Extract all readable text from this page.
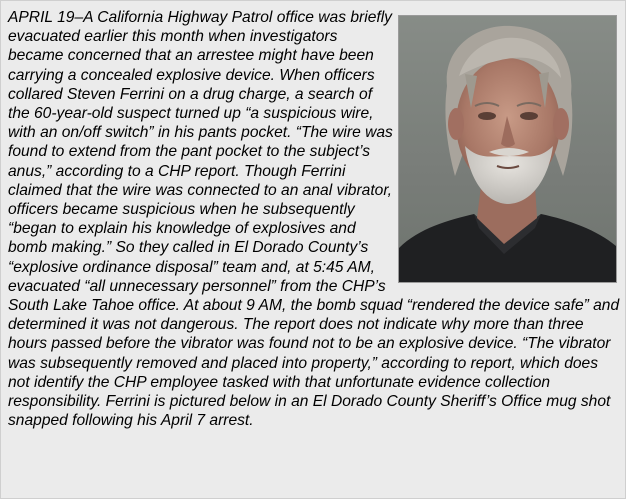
APRIL 19–A California Highway Patrol office was briefly evacuated earlier this month when investigators became concerned that an arrestee might have been carrying a concealed explosive device. When officers collared Steven Ferrini on a drug charge, a search of the 60-year-old suspect turned up “a suspicious wire, with an on/off switch” in his pants pocket. “The wire was found to extend from the pant pocket to the subject’s anus,” according to a CHP report. Though Ferrini claimed that the wire was connected to an anal vibrator, officers became suspicious when he subsequently “began to explain his knowledge of explosives and bomb making.” So they called in El Dorado County’s “explosive ordinance disposal” team and, at 5:45 AM, evacuated “all unnecessary personnel” from the CHP’s South Lake Tahoe office. At about 9 AM, the bomb squad “rendered the device safe” and determined it was not dangerous. The report does not indicate why more than three hours passed before the vibrator was found not to be an explosive device. “The vibrator was subsequently removed and placed into property,” according to report, which does not identify the CHP employee tasked with that unfortunate evidence collection responsibility. Ferrini is pictured below in an El Dorado County Sheriff’s Office mug shot snapped following his April 7 arrest.
